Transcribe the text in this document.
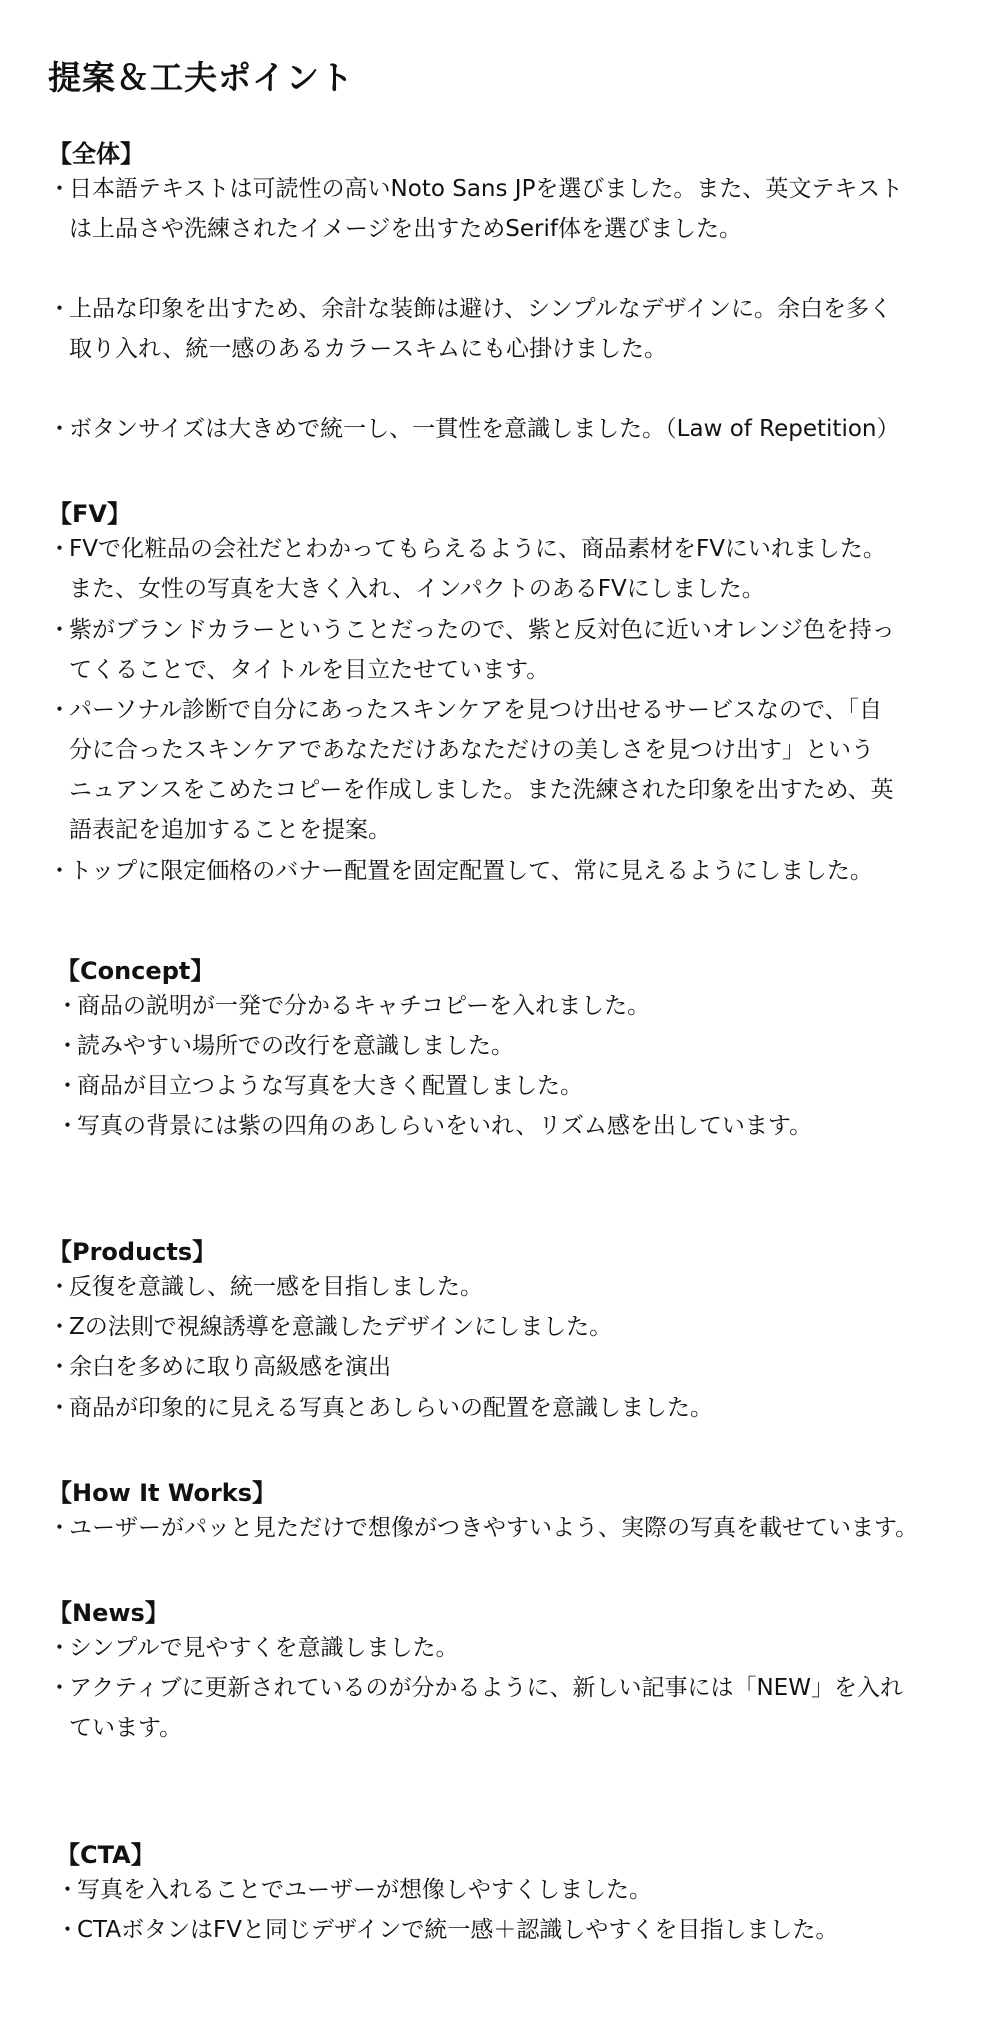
提案＆工夫ポイント
【全体】
・
日本語テキストは可読性の高いNoto Sans JPを選びました。また、英文テキスト
は上品さや洗練されたイメージを出すためSerif体を選びました。
・
上品な印象を出すため、余計な装飾は避け、シンプルなデザインに。余白を多く
取り入れ、統一感のあるカラースキムにも心掛けました。
・
ボタンサイズは大きめで統一し、一貫性を意識しました。（Law of Repetition）
【FV】
・
FVで化粧品の会社だとわかってもらえるように、商品素材をFVにいれました。
また、女性の写真を大きく入れ、インパクトのあるFVにしました。
・
紫がブランドカラーということだったので、紫と反対色に近いオレンジ色を持っ
てくることで、タイトルを目立たせています。
・
パーソナル診断で自分にあったスキンケアを見つけ出せるサービスなので、「自
分に合ったスキンケアであなただけあなただけの美しさを見つけ出す」という
ニュアンスをこめたコピーを作成しました。また洗練された印象を出すため、英
語表記を追加することを提案。
・
トップに限定価格のバナー配置を固定配置して、常に見えるようにしました。
【Concept】
・
商品の説明が一発で分かるキャチコピーを入れました。
・
読みやすい場所での改行を意識しました。
・
商品が目立つような写真を大きく配置しました。
・
写真の背景には紫の四角のあしらいをいれ、リズム感を出しています。
【Products】
・
反復を意識し、統一感を目指しました。
・
Zの法則で視線誘導を意識したデザインにしました。
・
余白を多めに取り高級感を演出
・
商品が印象的に見える写真とあしらいの配置を意識しました。
【How It Works】
・
ユーザーがパッと見ただけで想像がつきやすいよう、実際の写真を載せています。
【News】
・
シンプルで見やすくを意識しました。
・
アクティブに更新されているのが分かるように、新しい記事には「NEW」を入れ
ています。
【CTA】
・
写真を入れることでユーザーが想像しやすくしました。
・
CTAボタンはFVと同じデザインで統一感＋認識しやすくを目指しました。
